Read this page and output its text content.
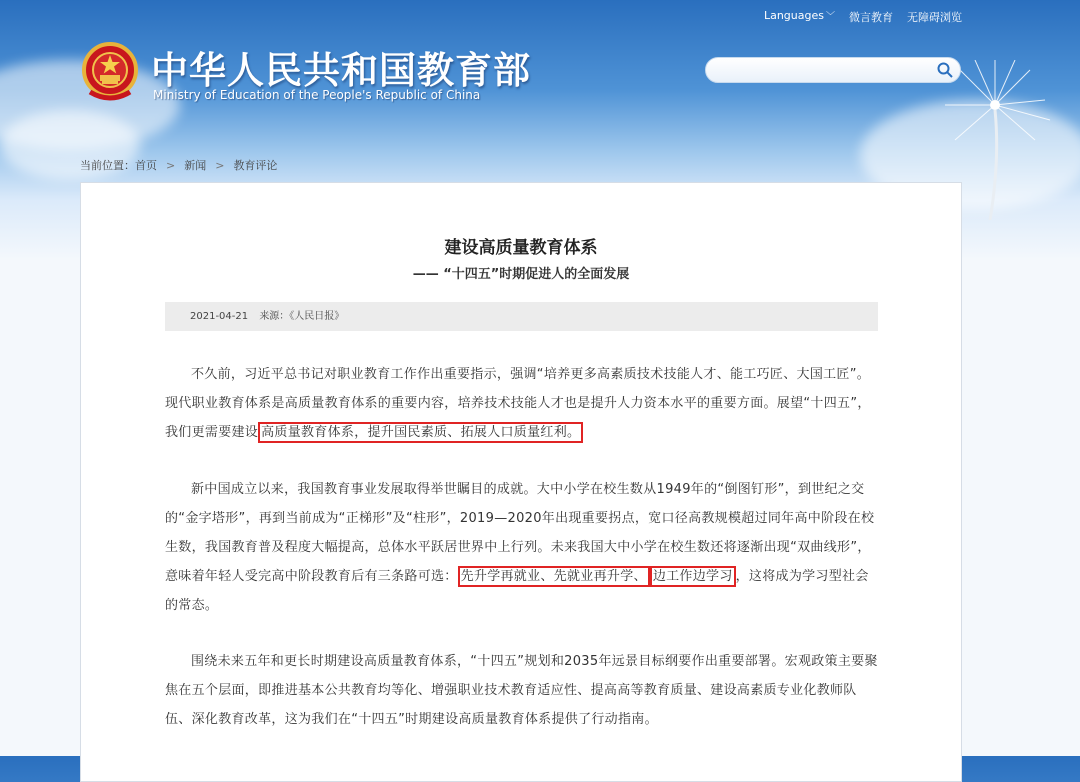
Languages ﹀ 微言教育 无障碍浏览
中华人民共和国教育部
Ministry of Education of the People's Republic of China
当前位置：首页 > 新闻 > 教育评论
建设高质量教育体系
—— “十四五”时期促进人的全面发展
2021-04-21 来源：《人民日报》

不久前，习近平总书记对职业教育工作作出重要指示，强调“培养更多高素质技术技能人才、能工巧匠、大国工匠”。现代职业教育体系是高质量教育体系的重要内容，培养技术技能人才也是提升人力资本水平的重要方面。展望“十四五”，我们更需要建设 高质量教育体系，提升国民素质、拓展人口质量红利。

新中国成立以来，我国教育事业发展取得举世瞩目的成就。大中小学在校生数从1949年的“倒图钉形”，到世纪之交的“金字塔形”，再到当前成为“正梯形”及“柱形”，2019—2020年出现重要拐点，宽口径高教规模超过同年高中阶段在校生数，我国教育普及程度大幅提高，总体水平跃居世界中上行列。未来我国大中小学在校生数还将逐渐出现“双曲线形”，意味着年轻人受完高中阶段教育后有三条路可选： 先升学再就业、先就业再升学、 边工作边学习 ，这将成为学习型社会的常态。

围绕未来五年和更长时期建设高质量教育体系，“十四五”规划和2035年远景目标纲要作出重要部署。宏观政策主要聚焦在五个层面，即推进基本公共教育均等化、增强职业技术教育适应性、提高高等教育质量、建设高素质专业化教师队伍、深化教育改革，这为我们在“十四五”时期建设高质量教育体系提供了行动指南。
